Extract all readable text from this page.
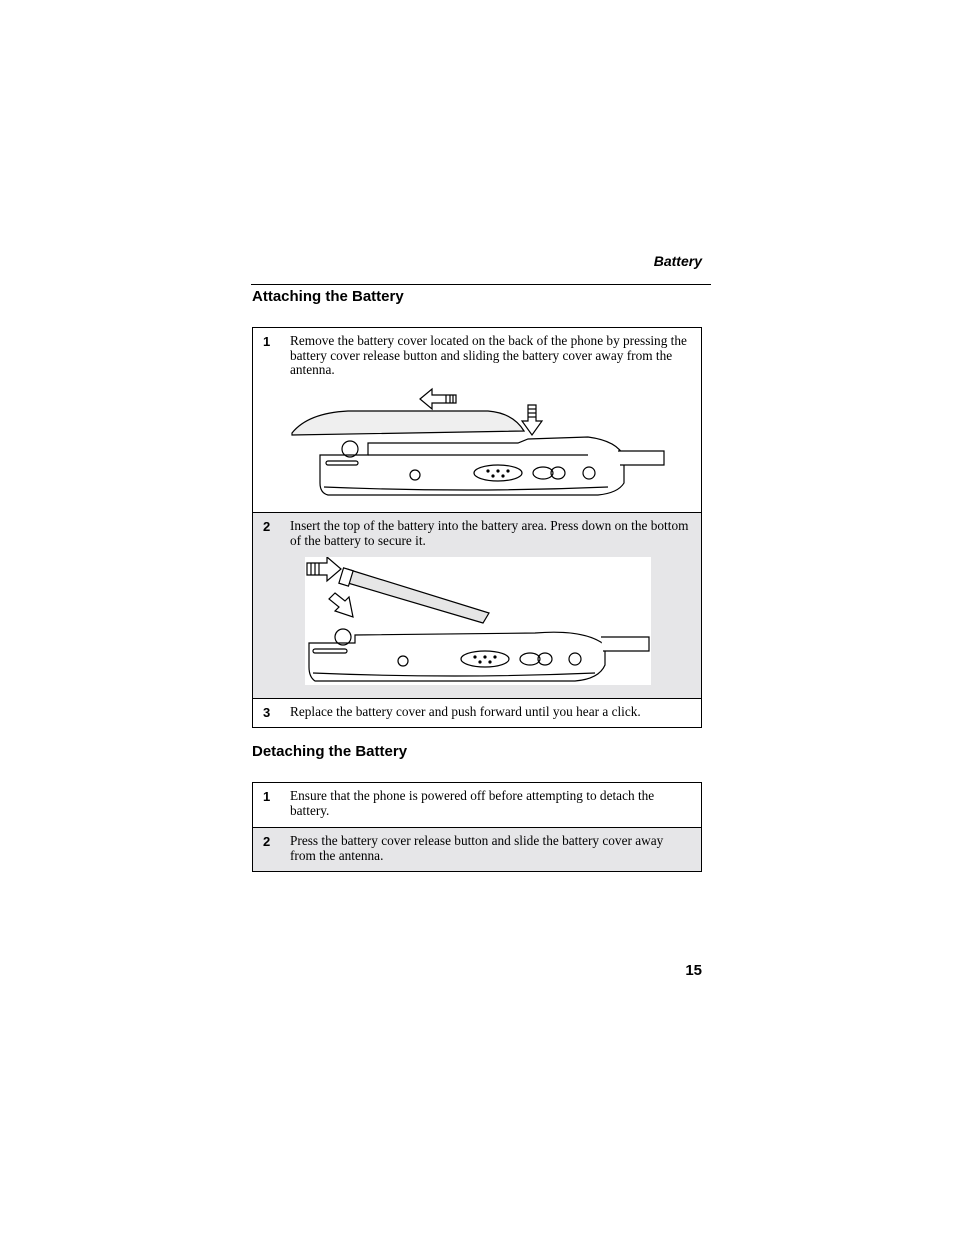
Battery
Attaching the Battery
1 Remove the battery cover located on the back of the phone by pressing the battery cover release button and sliding the battery cover away from the antenna.
2 Insert the top of the battery into the battery area. Press down on the bottom of the battery to secure it.
3 Replace the battery cover and push forward until you hear a click.
Detaching the Battery
1 Ensure that the phone is powered off before attempting to detach the battery.
2 Press the battery cover release button and slide the battery cover away from the antenna.
15
